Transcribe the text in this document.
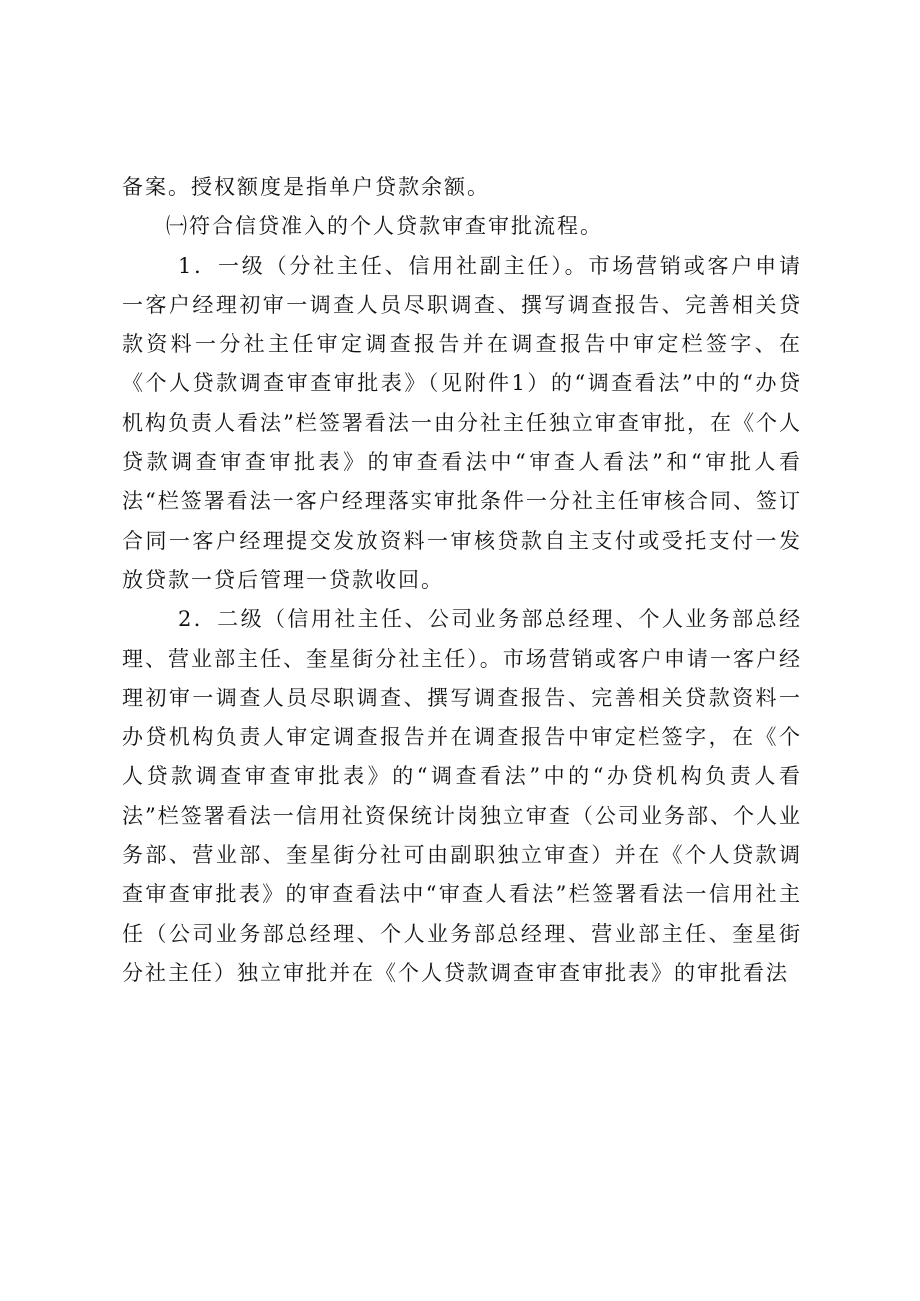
备案。授权额度是指单户贷款余额。

㈠符合信贷准入的个人贷款审查审批流程。

1．一级（分社主任、信用社副主任）。市场营销或客户申请一客户经理初审一调查人员尽职调查、撰写调查报告、完善相关贷款资料一分社主任审定调查报告并在调查报告中审定栏签字、在《个人贷款调查审查审批表》（见附件1）的“调查看法”中的“办贷机构负责人看法”栏签署看法一由分社主任独立审查审批，在《个人贷款调查审查审批表》的审查看法中“审查人看法”和“审批人看法“栏签署看法一客户经理落实审批条件一分社主任审核合同、签订合同一客户经理提交发放资料一审核贷款自主支付或受托支付一发放贷款一贷后管理一贷款收回。

2．二级（信用社主任、公司业务部总经理、个人业务部总经理、营业部主任、奎星街分社主任）。市场营销或客户申请一客户经理初审一调查人员尽职调查、撰写调查报告、完善相关贷款资料一办贷机构负责人审定调查报告并在调查报告中审定栏签字，在《个人贷款调查审查审批表》的“调查看法”中的“办贷机构负责人看法”栏签署看法一信用社资保统计岗独立审查（公司业务部、个人业务部、营业部、奎星街分社可由副职独立审查）并在《个人贷款调查审查审批表》的审查看法中“审查人看法”栏签署看法一信用社主任（公司业务部总经理、个人业务部总经理、营业部主任、奎星街分社主任）独立审批并在《个人贷款调查审查审批表》的审批看法
